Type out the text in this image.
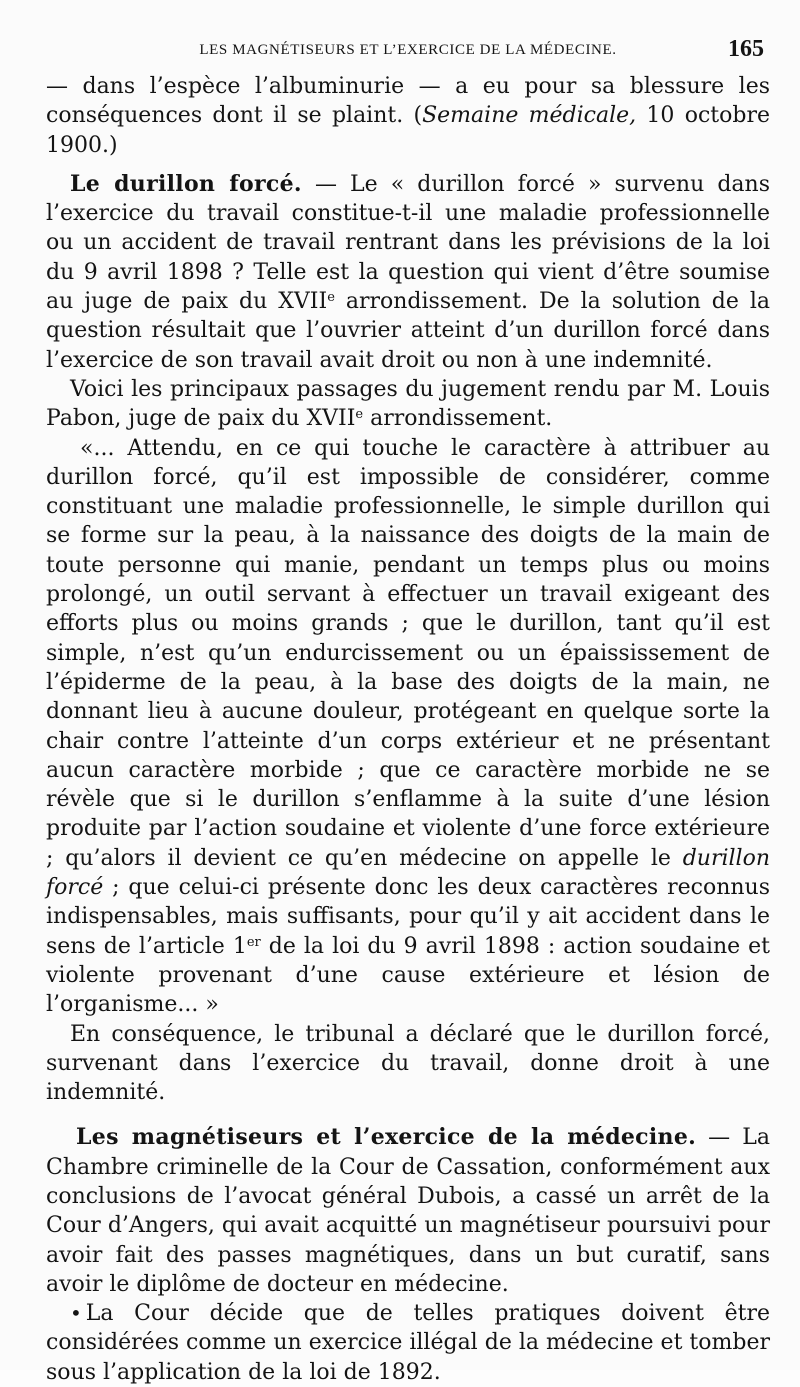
LES MAGNÉTISEURS ET L’EXERCICE DE LA MÉDECINE.	165

— dans l’espèce l’albuminurie — a eu pour sa blessure les conséquences dont il se plaint. (Semaine médicale, 10 octobre 1900.)

Le durillon forcé. — Le « durillon forcé » survenu dans l’exercice du travail constitue-t-il une maladie professionnelle ou un accident de travail rentrant dans les prévisions de la loi du 9 avril 1898 ? Telle est la question qui vient d’être soumise au juge de paix du XVIIe arrondissement. De la solution de la question résultait que l’ouvrier atteint d’un durillon forcé dans l’exercice de son travail avait droit ou non à une indemnité.

Voici les principaux passages du jugement rendu par M. Louis Pabon, juge de paix du XVIIe arrondissement.

«... Attendu, en ce qui touche le caractère à attribuer au durillon forcé, qu’il est impossible de considérer, comme constituant une maladie professionnelle, le simple durillon qui se forme sur la peau, à la naissance des doigts de la main de toute personne qui manie, pendant un temps plus ou moins prolongé, un outil servant à effectuer un travail exigeant des efforts plus ou moins grands ; que le durillon, tant qu’il est simple, n’est qu’un endurcissement ou un épaississement de l’épiderme de la peau, à la base des doigts de la main, ne donnant lieu à aucune douleur, protégeant en quelque sorte la chair contre l’atteinte d’un corps extérieur et ne présentant aucun caractère morbide ; que ce caractère morbide ne se révèle que si le durillon s’enflamme à la suite d’une lésion produite par l’action soudaine et violente d’une force extérieure ; qu’alors il devient ce qu’en médecine on appelle le durillon forcé ; que celui-ci présente donc les deux caractères reconnus indispensables, mais suffisants, pour qu’il y ait accident dans le sens de l’article 1er de la loi du 9 avril 1898 : action soudaine et violente provenant d’une cause extérieure et lésion de l’organisme... »

En conséquence, le tribunal a déclaré que le durillon forcé, survenant dans l’exercice du travail, donne droit à une indemnité.

Les magnétiseurs et l’exercice de la médecine. — La Chambre criminelle de la Cour de Cassation, conformément aux conclusions de l’avocat général Dubois, a cassé un arrêt de la Cour d’Angers, qui avait acquitté un magnétiseur poursuivi pour avoir fait des passes magnétiques, dans un but curatif, sans avoir le diplôme de docteur en médecine.

• La Cour décide que de telles pratiques doivent être considérées comme un exercice illégal de la médecine et tomber sous l’application de la loi de 1892.
